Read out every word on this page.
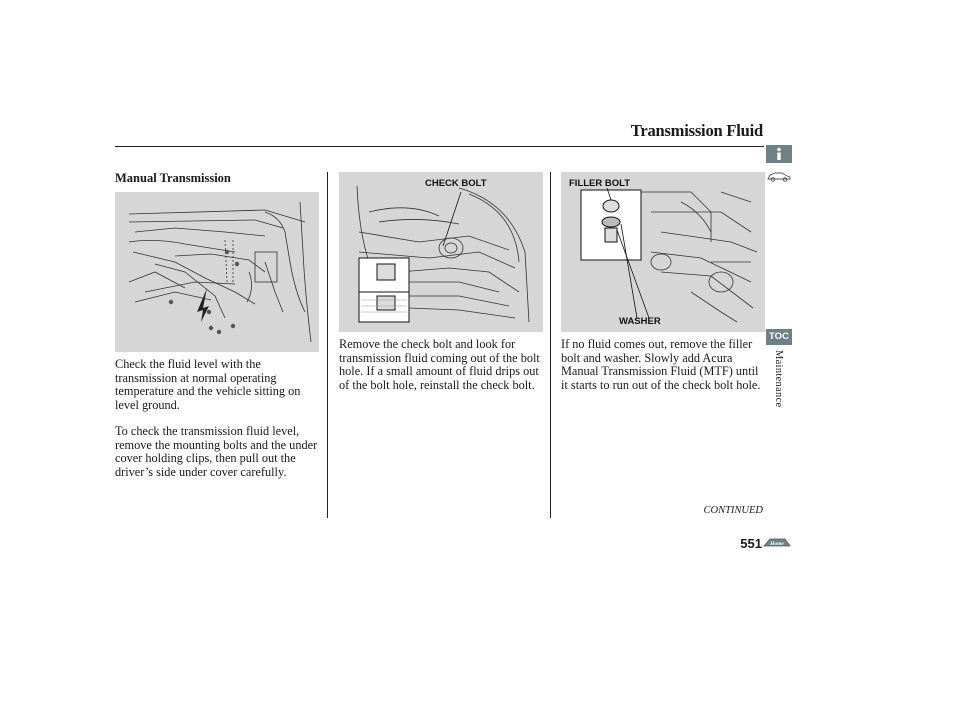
Transmission Fluid
Manual Transmission	CHECK BOLT	FILLER BOLT
WASHER

Check the fluid level with the transmission at normal operating temperature and the vehicle sitting on level ground.

To check the transmission fluid level, remove the mounting bolts and the under cover holding clips, then pull out the driver’s side under cover carefully.

Remove the check bolt and look for transmission fluid coming out of the bolt hole. If a small amount of fluid drips out of the bolt hole, reinstall the check bolt.

If no fluid comes out, remove the filler bolt and washer. Slowly add Acura Manual Transmission Fluid (MTF) until it starts to run out of the check bolt hole.

CONTINUED
551 Home
TOC
Maintenance
